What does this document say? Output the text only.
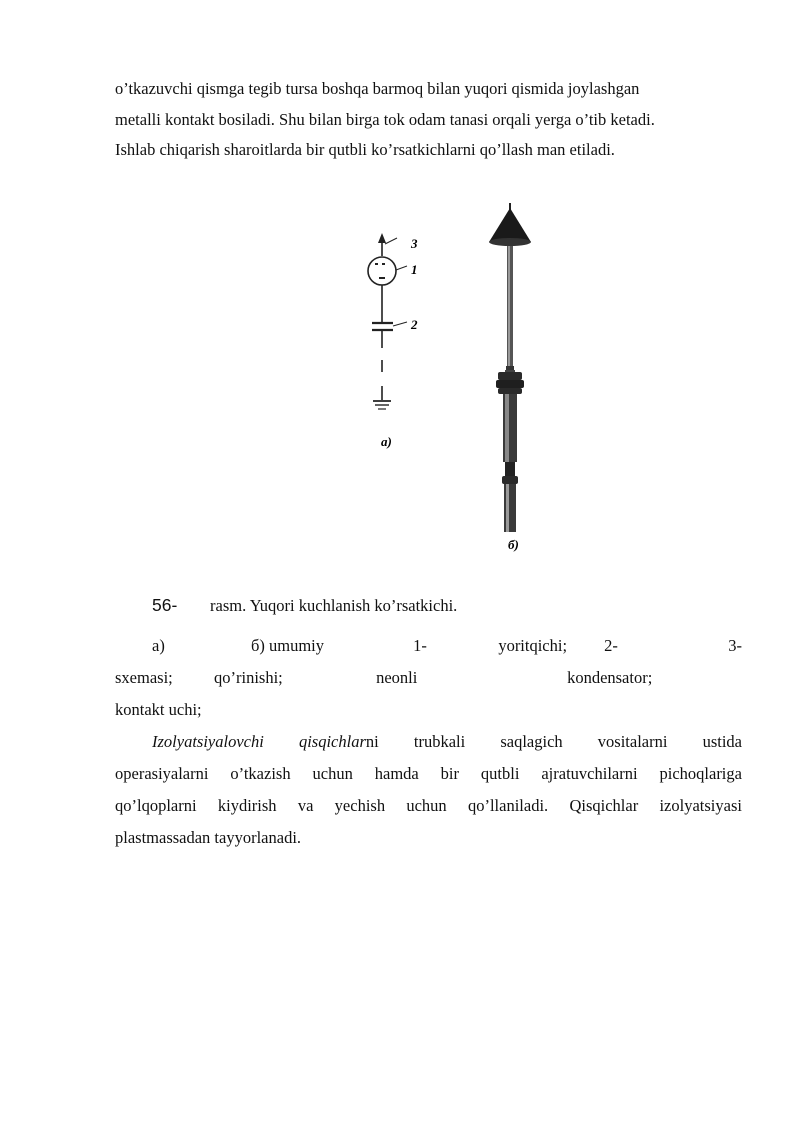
o’tkazuvchi qismga tegib tursa boshqa barmoq bilan yuqori qismida joylashgan
metalli kontakt bosiladi. Shu bilan birga tok odam tanasi orqali yerga o’tib ketadi.
Ishlab chiqarish sharoitlarda bir qutbli ko’rsatkichlarni qo’llash man etiladi.
3
1
2
a)
б)
56- rasm. Yuqori kuchlanish ko’rsatkichi.
a) sxemasi;
б) umumiy qo’rinishi;
1- neonli
yoritqichi;	2- kondensator;
3-
kontakt uchi;
Izolyatsiyalovchi qisqichlarni trubkali saqlagich vositalarni ustida
operasiyalarni o’tkazish uchun hamda bir qutbli ajratuvchilarni pichoqlariga
qo’lqoplarni kiydirish va yechish uchun qo’llaniladi. Qisqichlar izolyatsiyasi
plastmassadan tayyorlanadi.
